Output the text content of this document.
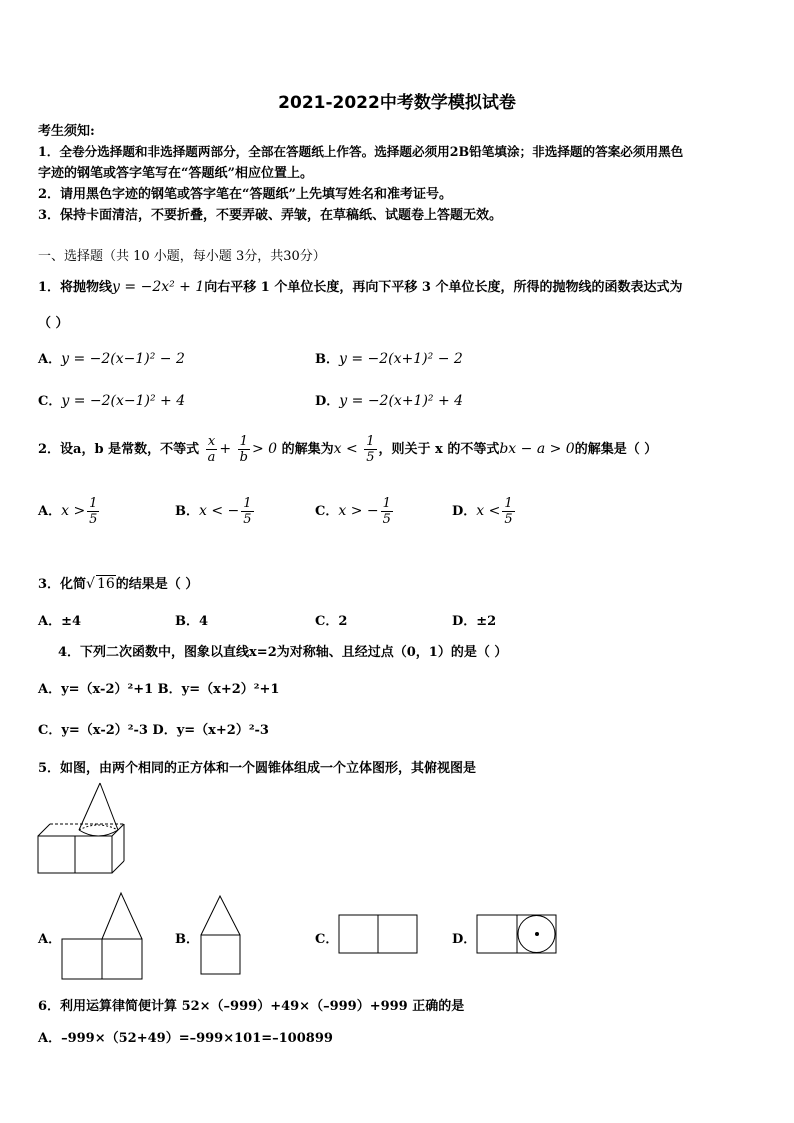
2021-2022中考数学模拟试卷
考生须知:
1．全卷分选择题和非选择题两部分，全部在答题纸上作答。选择题必须用2B铅笔填涂；非选择题的答案必须用黑色
字迹的钢笔或答字笔写在“答题纸”相应位置上。
2．请用黑色字迹的钢笔或答字笔在“答题纸”上先填写姓名和准考证号。
3．保持卡面清洁，不要折叠，不要弄破、弄皱，在草稿纸、试题卷上答题无效。
一、选择题（共 10 小题，每小题 3分，共30分）
1．将抛物线y = −2x² + 1向右平移 1 个单位长度，再向下平移 3 个单位长度，所得的抛物线的函数表达式为
（ ）
A．y = −2(x−1)² − 2	B．y = −2(x+1)² − 2
C．y = −2(x−1)² + 4	D．y = −2(x+1)² + 4
2．设a，b 是常数，不等式 $\frac{x}{a} + \frac{1}{b} > 0$ 的解集为$x < \frac{1}{5}$ ，则关于 x 的不等式bx − a > 0的解集是（ ）
A．$x > \frac{1}{5}$	B．x < − $\frac{1}{5}$	C．x > − $\frac{1}{5}$	D．$x < \frac{1}{5}$
3．化简√ 16的结果是（ ）
A．±4	B．4	C．2	D．±2
4．下列二次函数中，图象以直线x=2为对称轴、且经过点（0，1）的是（ ）
A．y=（x-2）²+1 B．y=（x+2）²+1
C．y=（x-2）²-3 D．y=（x+2）²-3
5．如图，由两个相同的正方体和一个圆锥体组成一个立体图形，其俯视图是
A．	B．	C．	D．
6．利用运算律简便计算 52×（–999）+49×（–999）+999 正确的是
A．–999×（52+49）=–999×101=–100899
